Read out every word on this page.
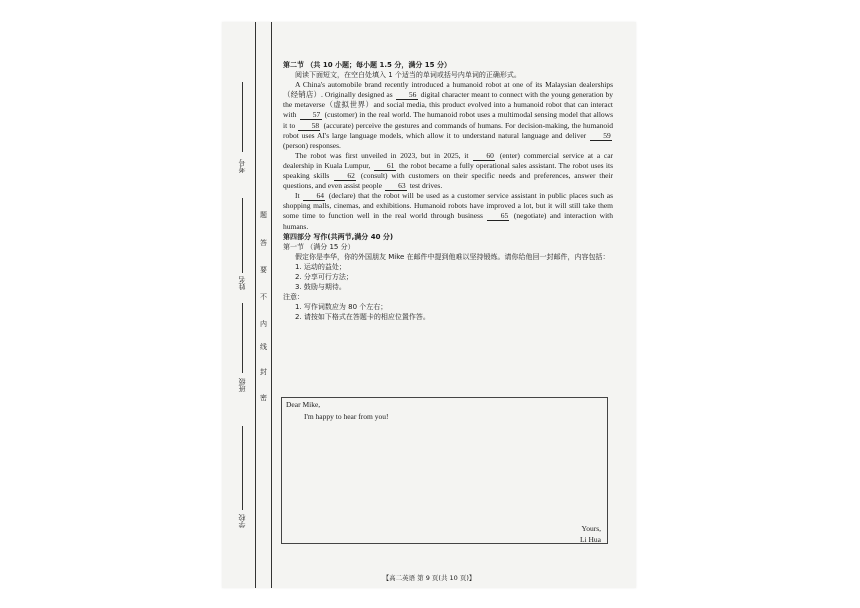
考号
姓名
班级
学校
题
答
要
不
内
线
封
密

第二节 （共 10 小题；每小题 1.5 分，满分 15 分）

阅读下面短文，在空白处填入 1 个适当的单词或括号内单词的正确形式。

A China's automobile brand recently introduced a humanoid robot at one of its Malaysian dealerships（经销店）. Originally designed as 56 digital character meant to connect with the young generation by the metaverse（虚拟世界）and social media, this product evolved into a humanoid robot that can interact with 57 (customer) in the real world. The humanoid robot uses a multimodal sensing model that allows it to 58 (accurate) perceive the gestures and commands of humans. For decision-making, the humanoid robot uses AI's large language models, which allow it to understand natural language and deliver 59 (person) responses.

The robot was first unveiled in 2023, but in 2025, it 60 (enter) commercial service at a car dealership in Kuala Lumpur, 61 the robot became a fully operational sales assistant. The robot uses its speaking skills 62 (consult) with customers on their specific needs and preferences, answer their questions, and even assist people 63 test drives.

It 64 (declare) that the robot will be used as a customer service assistant in public places such as shopping malls, cinemas, and exhibitions. Humanoid robots have improved a lot, but it will still take them some time to function well in the real world through business 65 (negotiate) and interaction with humans.

第四部分 写作(共两节,满分 40 分)

第一节 （满分 15 分）

假定你是李华，你的外国朋友 Mike 在邮件中提到他难以坚持锻炼。请你给他回一封邮件，内容包括：

1. 运动的益处；

2. 分享可行方法；

3. 鼓励与期待。

注意：

1. 写作词数应为 80 个左右；

2. 请按如下格式在答题卡的相应位置作答。

Dear Mike,
I'm happy to hear from you!
Yours,
Li Hua
【高二英语 第 9 页(共 10 页)】
